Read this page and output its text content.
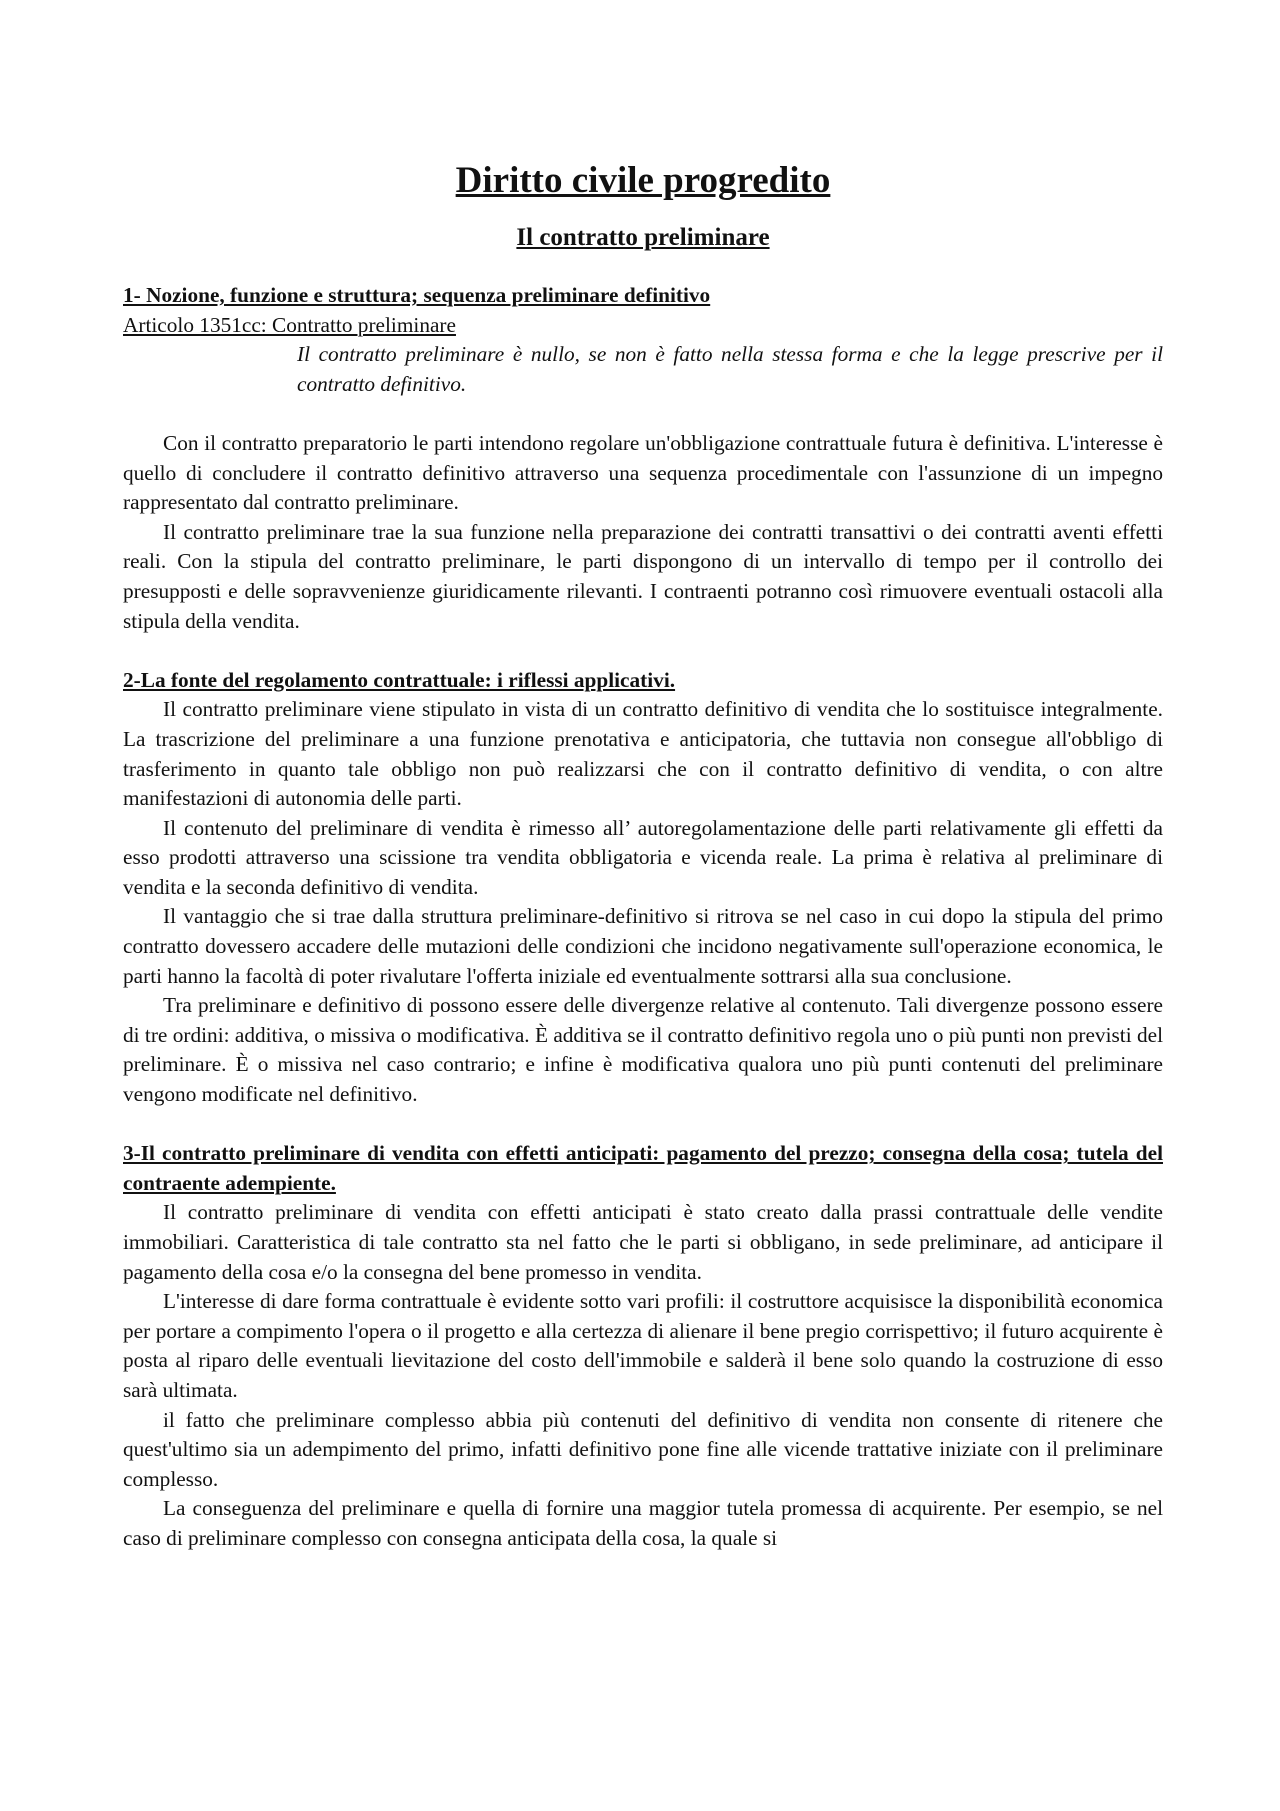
Diritto civile progredito
Il contratto preliminare
1- Nozione, funzione e struttura; sequenza preliminare definitivo
Articolo 1351cc: Contratto preliminare
Il contratto preliminare è nullo, se non è fatto nella stessa forma e che la legge prescrive per il contratto definitivo.

Con il contratto preparatorio le parti intendono regolare un'obbligazione contrattuale futura è definitiva. L'interesse è quello di concludere il contratto definitivo attraverso una sequenza procedimentale con l'assunzione di un impegno rappresentato dal contratto preliminare.

Il contratto preliminare trae la sua funzione nella preparazione dei contratti transattivi o dei contratti aventi effetti reali. Con la stipula del contratto preliminare, le parti dispongono di un intervallo di tempo per il controllo dei presupposti e delle sopravvenienze giuridicamente rilevanti. I contraenti potranno così rimuovere eventuali ostacoli alla stipula della vendita.

2-La fonte del regolamento contrattuale: i riflessi applicativi.

Il contratto preliminare viene stipulato in vista di un contratto definitivo di vendita che lo sostituisce integralmente. La trascrizione del preliminare a una funzione prenotativa e anticipatoria, che tuttavia non consegue all'obbligo di trasferimento in quanto tale obbligo non può realizzarsi che con il contratto definitivo di vendita, o con altre manifestazioni di autonomia delle parti.

Il contenuto del preliminare di vendita è rimesso all’ autoregolamentazione delle parti relativamente gli effetti da esso prodotti attraverso una scissione tra vendita obbligatoria e vicenda reale. La prima è relativa al preliminare di vendita e la seconda definitivo di vendita.

Il vantaggio che si trae dalla struttura preliminare-definitivo si ritrova se nel caso in cui dopo la stipula del primo contratto dovessero accadere delle mutazioni delle condizioni che incidono negativamente sull'operazione economica, le parti hanno la facoltà di poter rivalutare l'offerta iniziale ed eventualmente sottrarsi alla sua conclusione.

Tra preliminare e definitivo di possono essere delle divergenze relative al contenuto. Tali divergenze possono essere di tre ordini: additiva, o missiva o modificativa. È additiva se il contratto definitivo regola uno o più punti non previsti del preliminare. È o missiva nel caso contrario; e infine è modificativa qualora uno più punti contenuti del preliminare vengono modificate nel definitivo.

3-Il contratto preliminare di vendita con effetti anticipati: pagamento del prezzo; consegna della cosa; tutela del contraente adempiente.

Il contratto preliminare di vendita con effetti anticipati è stato creato dalla prassi contrattuale delle vendite immobiliari. Caratteristica di tale contratto sta nel fatto che le parti si obbligano, in sede preliminare, ad anticipare il pagamento della cosa e/o la consegna del bene promesso in vendita.

L'interesse di dare forma contrattuale è evidente sotto vari profili: il costruttore acquisisce la disponibilità economica per portare a compimento l'opera o il progetto e alla certezza di alienare il bene pregio corrispettivo; il futuro acquirente è posta al riparo delle eventuali lievitazione del costo dell'immobile e salderà il bene solo quando la costruzione di esso sarà ultimata.

il fatto che preliminare complesso abbia più contenuti del definitivo di vendita non consente di ritenere che quest'ultimo sia un adempimento del primo, infatti definitivo pone fine alle vicende trattative iniziate con il preliminare complesso.

La conseguenza del preliminare e quella di fornire una maggior tutela promessa di acquirente. Per esempio, se nel caso di preliminare complesso con consegna anticipata della cosa, la quale si
